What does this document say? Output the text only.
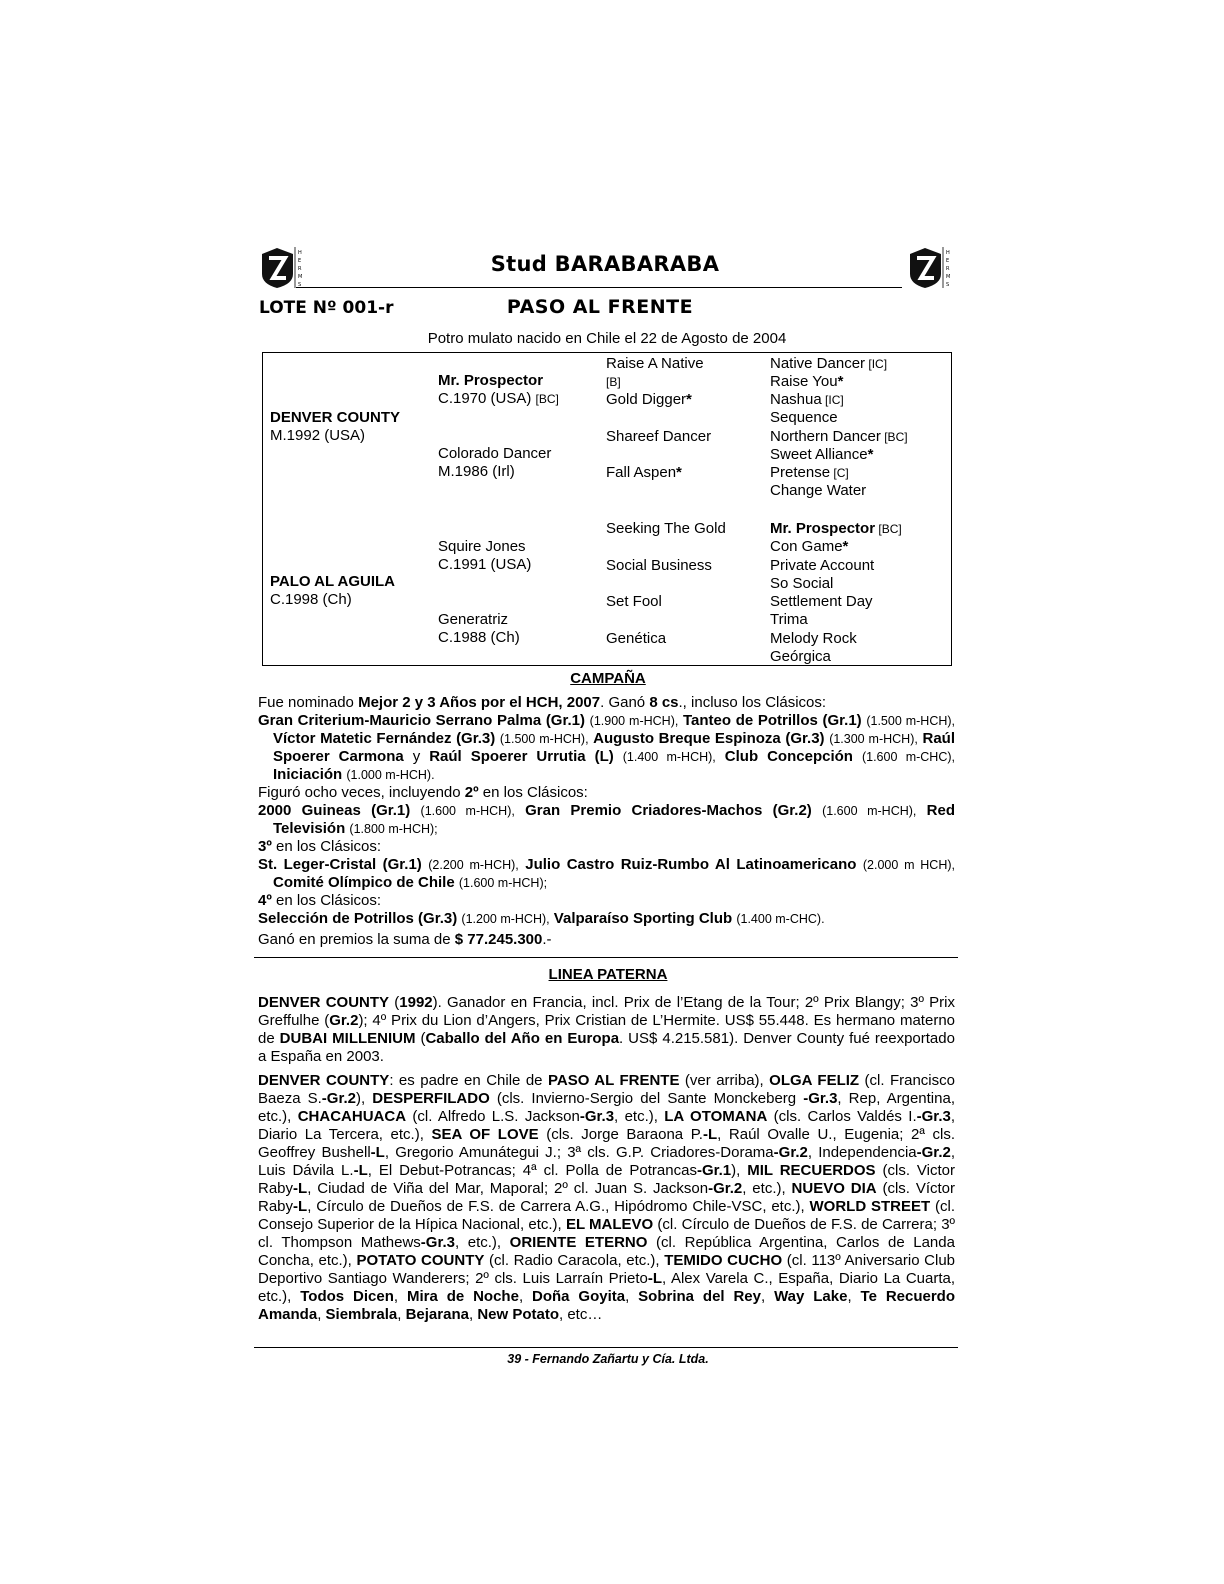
H
E
R
M
S
Stud BARABARABA	H
E
R
M
S
LOTE Nº 001-r	PASO AL FRENTE
Potro mulato nacido en Chile el 22 de Agosto de 2004
DENVER COUNTY
M.1992 (USA)
PALO AL AGUILA
C.1998 (Ch)
Mr. Prospector
C.1970 (USA) [BC]
Colorado Dancer
M.1986 (Irl)
Squire Jones
C.1991 (USA)
Generatriz
C.1988 (Ch)
Raise A Native
[B]
Gold Digger*
Shareef Dancer
Fall Aspen*
Seeking The Gold
Social Business
Set Fool
Genética
Native Dancer [IC]
Raise You*
Nashua [IC]
Sequence
Northern Dancer [BC]
Sweet Alliance*
Pretense [C]
Change Water
Mr. Prospector [BC]
Con Game*
Private Account
So Social
Settlement Day
Trima
Melody Rock
Geórgica
CAMPAÑA
Fue nominado Mejor 2 y 3 Años por el HCH, 2007. Ganó 8 cs., incluso los Clásicos:
Gran Criterium-Mauricio Serrano Palma (Gr.1) (1.900 m-HCH), Tanteo de Potrillos (Gr.1) (1.500 m-HCH), Víctor Matetic Fernández (Gr.3) (1.500 m-HCH), Augusto Breque Espinoza (Gr.3) (1.300 m-HCH), Raúl Spoerer Carmona y Raúl Spoerer Urrutia (L) (1.400 m-HCH), Club Concepción (1.600 m-CHC), Iniciación (1.000 m-HCH).
Figuró ocho veces, incluyendo 2º en los Clásicos:
2000 Guineas (Gr.1) (1.600 m-HCH), Gran Premio Criadores-Machos (Gr.2) (1.600 m-HCH), Red Televisión (1.800 m-HCH);
3º en los Clásicos:
St. Leger-Cristal (Gr.1) (2.200 m-HCH), Julio Castro Ruiz-Rumbo Al Latinoamericano (2.000 m HCH), Comité Olímpico de Chile (1.600 m-HCH);
4º en los Clásicos:
Selección de Potrillos (Gr.3) (1.200 m-HCH), Valparaíso Sporting Club (1.400 m-CHC).
Ganó en premios la suma de $ 77.245.300.-
LINEA PATERNA
DENVER COUNTY (1992). Ganador en Francia, incl. Prix de l’Etang de la Tour; 2º Prix Blangy; 3º Prix Greffulhe (Gr.2); 4º Prix du Lion d’Angers, Prix Cristian de L’Hermite. US$ 55.448. Es hermano materno de DUBAI MILLENIUM (Caballo del Año en Europa. US$ 4.215.581). Denver County fué reexportado a España en 2003.
DENVER COUNTY: es padre en Chile de PASO AL FRENTE (ver arriba), OLGA FELIZ (cl. Francisco Baeza S.-Gr.2), DESPERFILADO (cls. Invierno-Sergio del Sante Monckeberg -Gr.3, Rep, Argentina, etc.), CHACAHUACA (cl. Alfredo L.S. Jackson-Gr.3, etc.), LA OTOMANA (cls. Carlos Valdés I.-Gr.3, Diario La Tercera, etc.), SEA OF LOVE (cls. Jorge Baraona P.-L, Raúl Ovalle U., Eugenia; 2ª cls. Geoffrey Bushell-L, Gregorio Amunátegui J.; 3ª cls. G.P. Criadores-Dorama-Gr.2, Independencia-Gr.2, Luis Dávila L.-L, El Debut-Potrancas; 4ª cl. Polla de Potrancas-Gr.1), MIL RECUERDOS (cls. Victor Raby-L, Ciudad de Viña del Mar, Maporal; 2º cl. Juan S. Jackson-Gr.2, etc.), NUEVO DIA (cls. Víctor Raby-L, Círculo de Dueños de F.S. de Carrera A.G., Hipódromo Chile-VSC, etc.), WORLD STREET (cl. Consejo Superior de la Hípica Nacional, etc.), EL MALEVO (cl. Círculo de Dueños de F.S. de Carrera; 3º cl. Thompson Mathews-Gr.3, etc.), ORIENTE ETERNO (cl. República Argentina, Carlos de Landa Concha, etc.), POTATO COUNTY (cl. Radio Caracola, etc.), TEMIDO CUCHO (cl. 113º Aniversario Club Deportivo Santiago Wanderers; 2º cls. Luis Larraín Prieto-L, Alex Varela C., España, Diario La Cuarta, etc.), Todos Dicen, Mira de Noche, Doña Goyita, Sobrina del Rey, Way Lake, Te Recuerdo Amanda, Siembrala, Bejarana, New Potato, etc…
39 - Fernando Zañartu y Cía. Ltda.
